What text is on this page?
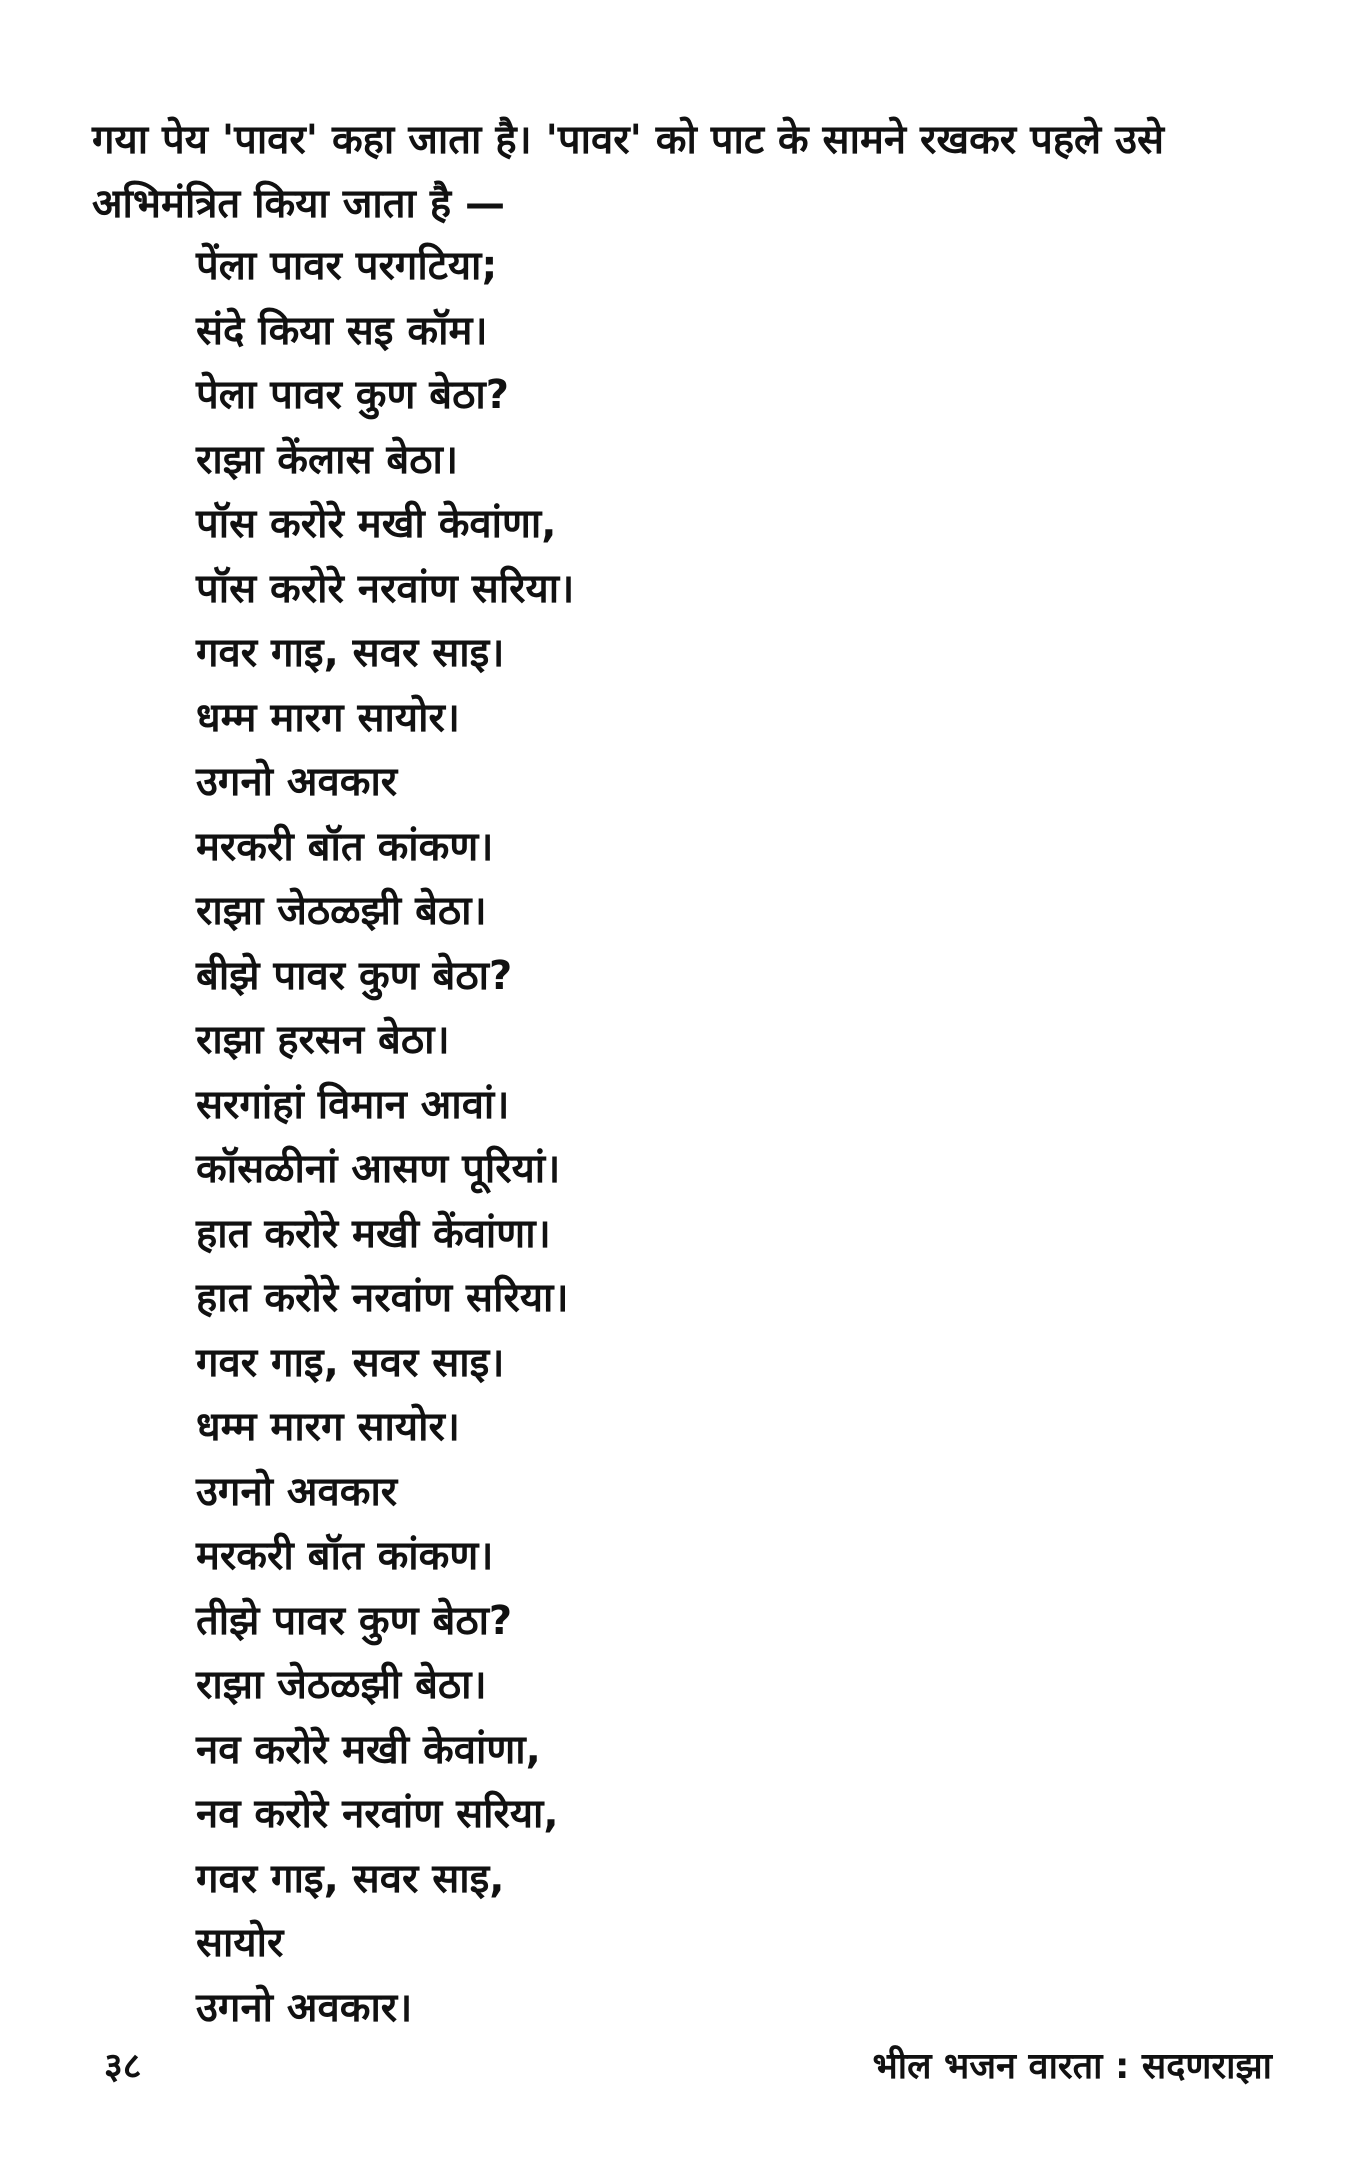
गया पेय 'पावर' कहा जाता है। 'पावर' को पाट के सामने रखकर पहले उसे

अभिमंत्रित किया जाता है —

पेंला पावर परगटिया;
संदे किया सइ कॉम।
पेला पावर कुण बेठा?
राझा केंलास बेठा।
पॉस करोरे मखी केवांणा,
पॉस करोरे नरवांण सरिया।
गवर गाइ, सवर साइ।
धम्म मारग सायोर।
उगनो अवकार
मरकरी बॉत कांकण।
राझा जेठळझी बेठा।
बीझे पावर कुण बेठा?
राझा हरसन बेठा।
सरगांहां विमान आवां।
कॉसळीनां आसण पूरियां।
हात करोरे मखी केंवांणा।
हात करोरे नरवांण सरिया।
गवर गाइ, सवर साइ।
धम्म मारग सायोर।
उगनो अवकार
मरकरी बॉत कांकण।
तीझे पावर कुण बेठा?
राझा जेठळझी बेठा।
नव करोरे मखी केवांणा,
नव करोरे नरवांण सरिया,
गवर गाइ, सवर साइ,
सायोर
उगनो अवकार।
३८	भील भजन वारता : सदणराझा
